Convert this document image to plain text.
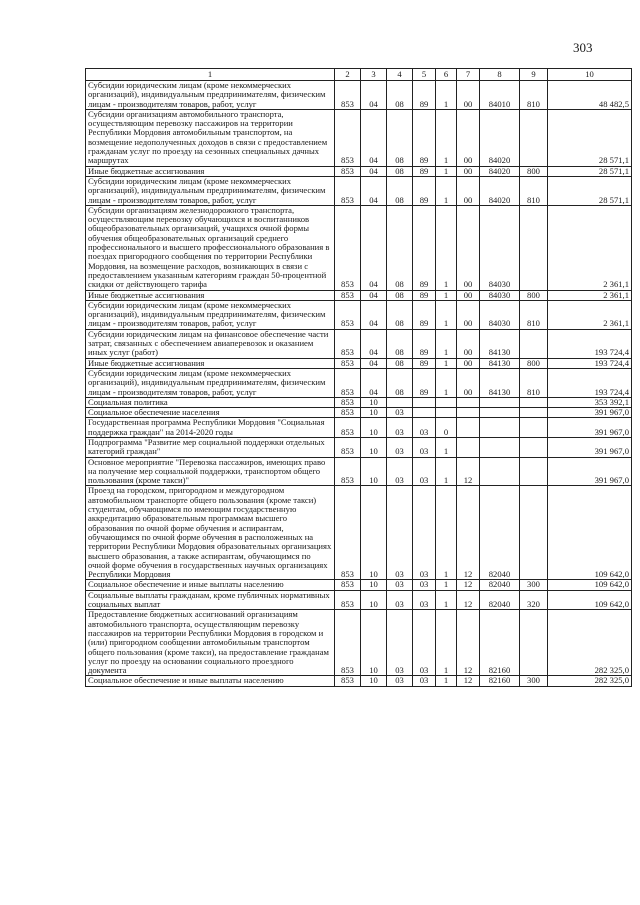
303
1	2	3	4	5	6	7	8	9	10
Субсидии юридическим лицам (кроме некоммерческих организаций), индивидуальным предпринимателям, физическим лицам - производителям товаров, работ, услуг	853	04	08	89	1	00	84010	810	48 482,5
Субсидии организациям автомобильного транспорта, осуществляющим перевозку пассажиров на территории Республики Мордовия автомобильным транспортом, на возмещение недополученных доходов в связи с предоставлением гражданам услуг по проезду на сезонных специальных дачных маршрутах	853	04	08	89	1	00	84020		28 571,1
Иные бюджетные ассигнования	853	04	08	89	1	00	84020	800	28 571,1
Субсидии юридическим лицам (кроме некоммерческих организаций), индивидуальным предпринимателям, физическим лицам - производителям товаров, работ, услуг	853	04	08	89	1	00	84020	810	28 571,1
Субсидии организациям железнодорожного транспорта, осуществляющим перевозку обучающихся и воспитанников общеобразовательных организаций, учащихся очной формы обучения общеобразовательных организаций среднего профессионального и высшего профессионального образования в поездах пригородного сообщения по территории Республики Мордовия, на возмещение расходов, возникающих в связи с предоставлением указанным категориям граждан 50-процентной скидки от действующего тарифа	853	04	08	89	1	00	84030		2 361,1
Иные бюджетные ассигнования	853	04	08	89	1	00	84030	800	2 361,1
Субсидии юридическим лицам (кроме некоммерческих организаций), индивидуальным предпринимателям, физическим лицам - производителям товаров, работ, услуг	853	04	08	89	1	00	84030	810	2 361,1
Субсидии юридическим лицам на финансовое обеспечение части затрат, связанных с обеспечением авиаперевозок и оказанием иных услуг (работ)	853	04	08	89	1	00	84130		193 724,4
Иные бюджетные ассигнования	853	04	08	89	1	00	84130	800	193 724,4
Субсидии юридическим лицам (кроме некоммерческих организаций), индивидуальным предпринимателям, физическим лицам - производителям товаров, работ, услуг	853	04	08	89	1	00	84130	810	193 724,4
Социальная политика	853	10							353 392,1
Социальное обеспечение населения	853	10	03						391 967,0
Государственная программа Республики Мордовия "Социальная поддержка граждан" на 2014-2020 годы	853	10	03	03	0				391 967,0
Подпрограмма "Развитие мер социальной поддержки отдельных категорий граждан"	853	10	03	03	1				391 967,0
Основное мероприятие "Перевозка пассажиров, имеющих право на получение мер социальной поддержки, транспортом общего пользования (кроме такси)"	853	10	03	03	1	12			391 967,0
Проезд на городском, пригородном и междугородном автомобильном транспорте общего пользования (кроме такси) студентам, обучающимся по имеющим государственную аккредитацию образовательным программам высшего образования по очной форме обучения и аспирантам, обучающимся по очной форме обучения в расположенных на территории Республики Мордовия образовательных организациях высшего образования, а также аспирантам, обучающимся по очной форме обучения в государственных научных организациях Республики Мордовия	853	10	03	03	1	12	82040		109 642,0
Социальное обеспечение и иные выплаты населению	853	10	03	03	1	12	82040	300	109 642,0
Социальные выплаты гражданам, кроме публичных нормативных социальных выплат	853	10	03	03	1	12	82040	320	109 642,0
Предоставление бюджетных ассигнований организациям автомобильного транспорта, осуществляющим перевозку пассажиров на территории Республики Мордовия в городском и (или) пригородном сообщении автомобильным транспортом общего пользования (кроме такси), на предоставление гражданам услуг по проезду на основании социального проездного документа	853	10	03	03	1	12	82160		282 325,0
Социальное обеспечение и иные выплаты населению	853	10	03	03	1	12	82160	300	282 325,0
